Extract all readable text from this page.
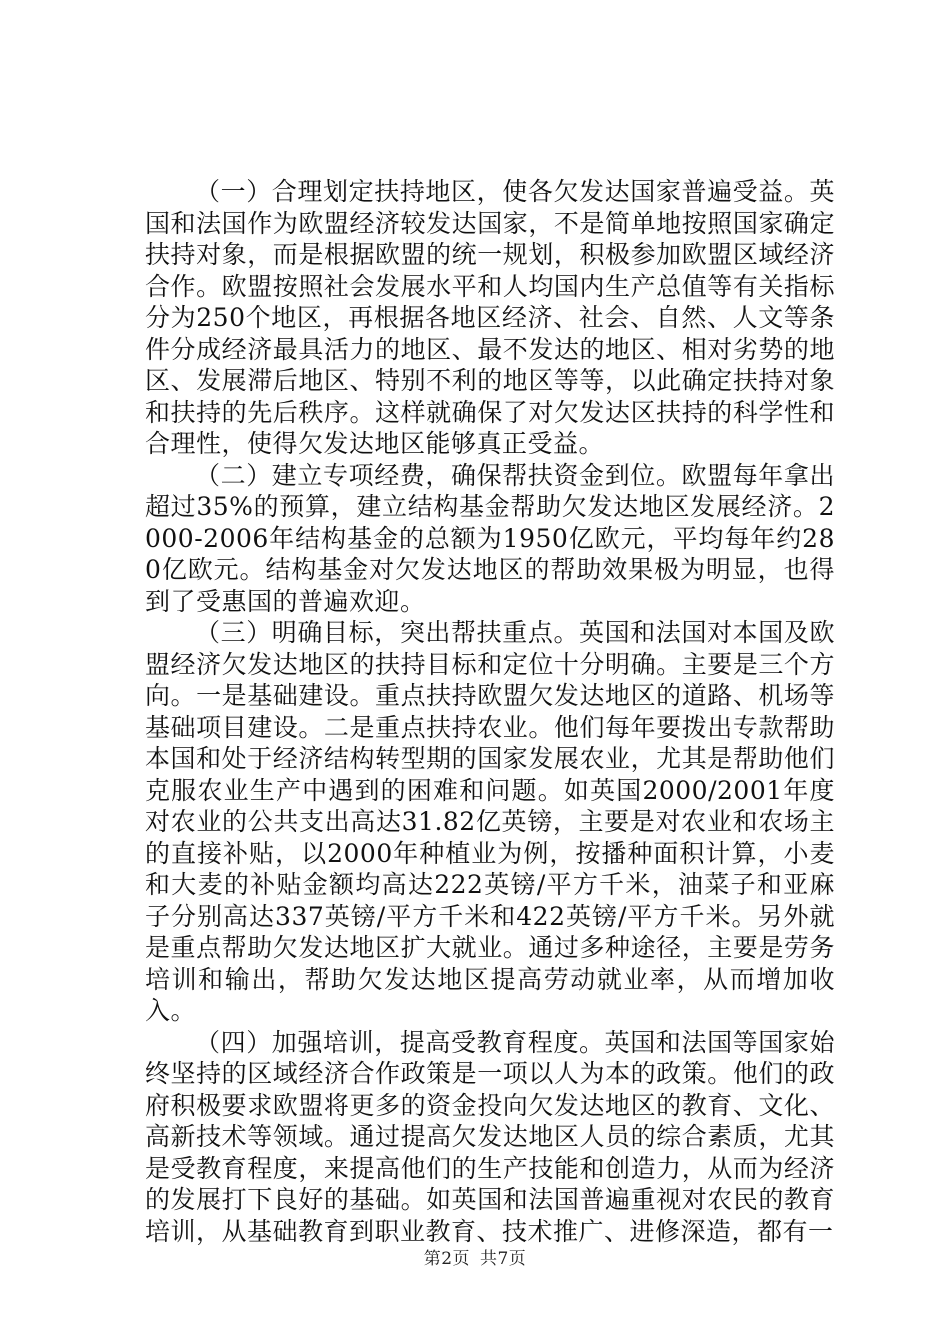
（一）合理划定扶持地区，使各欠发达国家普遍受益。英国和法国作为欧盟经济较发达国家，不是简单地按照国家确定扶持对象，而是根据欧盟的统一规划，积极参加欧盟区域经济合作。欧盟按照社会发展水平和人均国内生产总值等有关指标分为250个地区，再根据各地区经济、社会、自然、人文等条件分成经济最具活力的地区、最不发达的地区、相对劣势的地区、发展滞后地区、特别不利的地区等等，以此确定扶持对象和扶持的先后秩序。这样就确保了对欠发达区扶持的科学性和合理性，使得欠发达地区能够真正受益。

（二）建立专项经费，确保帮扶资金到位。欧盟每年拿出超过35%的预算，建立结构基金帮助欠发达地区发展经济。2000-2006年结构基金的总额为1950亿欧元，平均每年约280亿欧元。结构基金对欠发达地区的帮助效果极为明显，也得到了受惠国的普遍欢迎。

（三）明确目标，突出帮扶重点。英国和法国对本国及欧盟经济欠发达地区的扶持目标和定位十分明确。主要是三个方向。一是基础建设。重点扶持欧盟欠发达地区的道路、机场等基础项目建设。二是重点扶持农业。他们每年要拨出专款帮助本国和处于经济结构转型期的国家发展农业，尤其是帮助他们克服农业生产中遇到的困难和问题。如英国2000/2001年度对农业的公共支出高达31.82亿英镑，主要是对农业和农场主的直接补贴，以2000年种植业为例，按播种面积计算，小麦和大麦的补贴金额均高达222英镑/平方千米，油菜子和亚麻子分别高达337英镑/平方千米和422英镑/平方千米。另外就是重点帮助欠发达地区扩大就业。通过多种途径，主要是劳务培训和输出，帮助欠发达地区提高劳动就业率，从而增加收入。

（四）加强培训，提高受教育程度。英国和法国等国家始终坚持的区域经济合作政策是一项以人为本的政策。他们的政府积极要求欧盟将更多的资金投向欠发达地区的教育、文化、高新技术等领域。通过提高欠发达地区人员的综合素质，尤其是受教育程度，来提高他们的生产技能和创造力，从而为经济的发展打下良好的基础。如英国和法国普遍重视对农民的教育培训，从基础教育到职业教育、技术推广、进修深造，都有一

第2页 共7页
